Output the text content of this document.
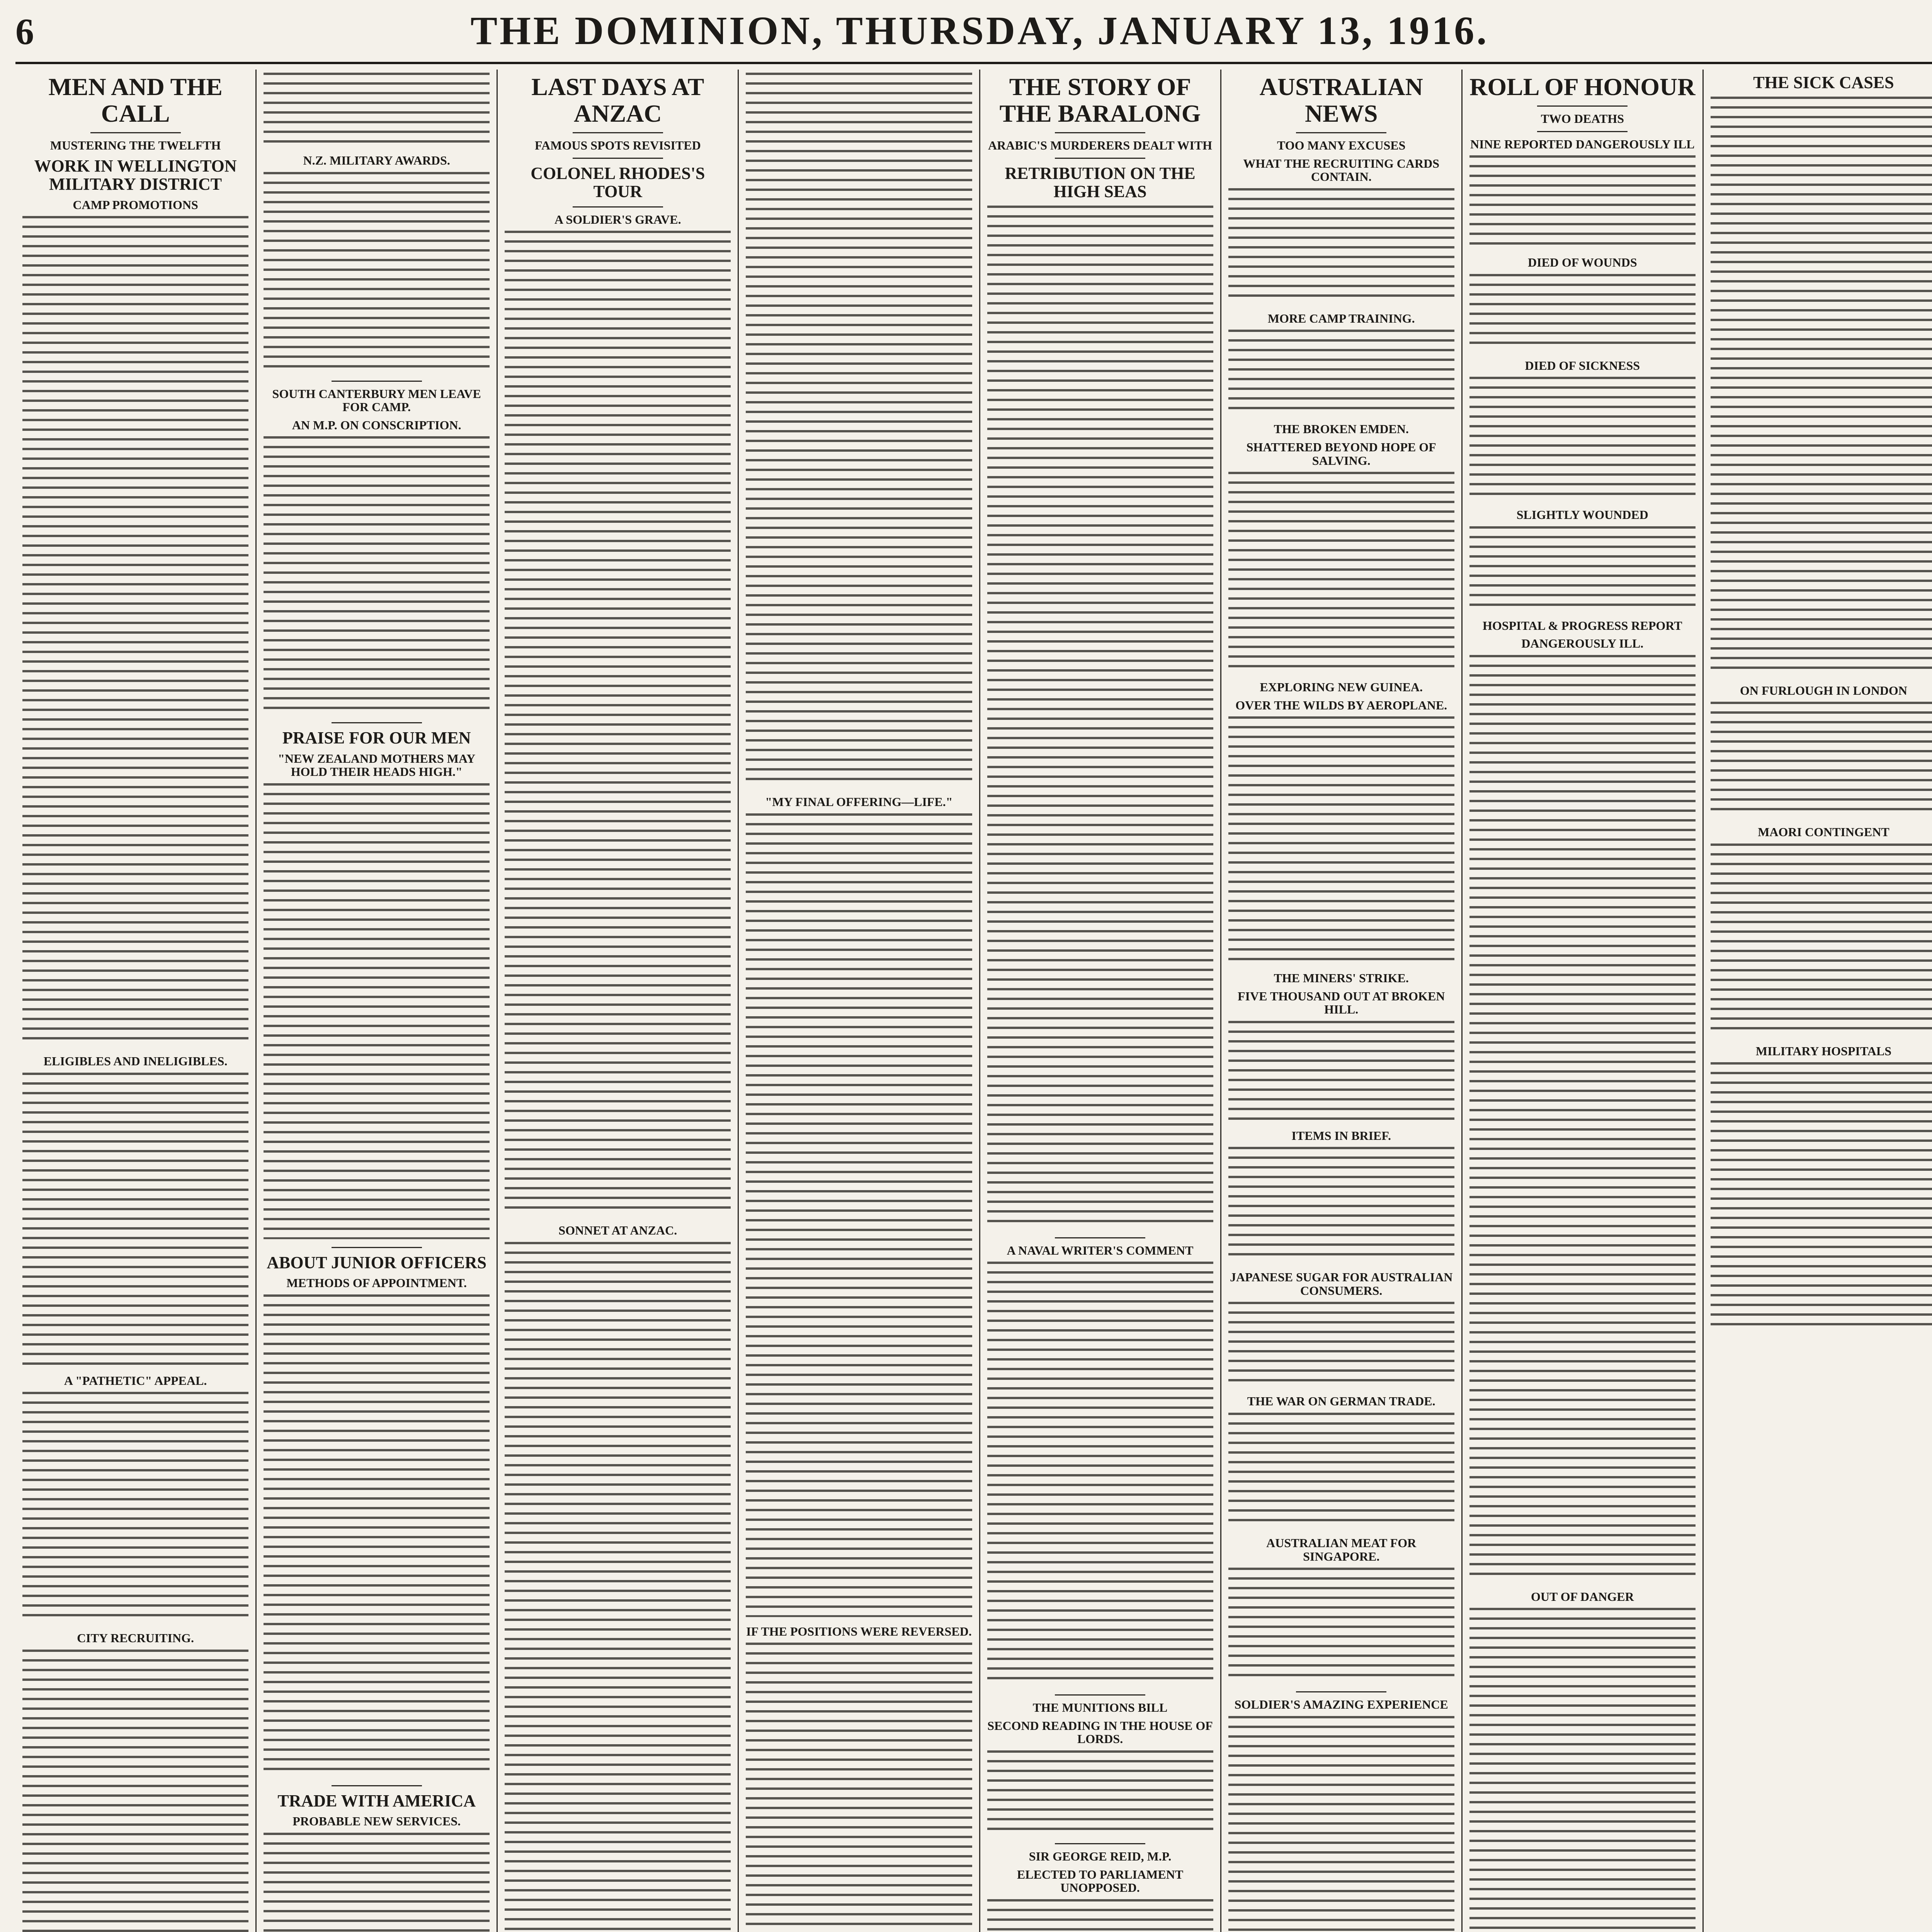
6	THE DOMINION, THURSDAY, JANUARY 13, 1916.
MEN AND THE CALL
MUSTERING THE TWELFTH
WORK IN WELLINGTON MILITARY DISTRICT
CAMP PROMOTIONS
ELIGIBLES AND INELIGIBLES.
A "PATHETIC" APPEAL.
CITY RECRUITING.
N.Z. MILITARY AWARDS.
SOUTH CANTERBURY MEN LEAVE FOR CAMP.
AN M.P. ON CONSCRIPTION.
PRAISE FOR OUR MEN
"NEW ZEALAND MOTHERS MAY HOLD THEIR HEADS HIGH."
ABOUT JUNIOR OFFICERS
METHODS OF APPOINTMENT.
TRADE WITH AMERICA
PROBABLE NEW SERVICES.
LAST DAYS AT ANZAC
FAMOUS SPOTS REVISITED
COLONEL RHODES'S TOUR
A SOLDIER'S GRAVE.
SONNET AT ANZAC.
"MY FINAL OFFERING—LIFE."
IF THE POSITIONS WERE REVERSED.
THE STORY OF THE BARALONG
ARABIC'S MURDERERS DEALT WITH
RETRIBUTION ON THE HIGH SEAS
A NAVAL WRITER'S COMMENT
THE MUNITIONS BILL
SECOND READING IN THE HOUSE OF LORDS.
SIR GEORGE REID, M.P.
ELECTED TO PARLIAMENT UNOPPOSED.
AUSTRALIAN NEWS
TOO MANY EXCUSES
WHAT THE RECRUITING CARDS CONTAIN.
MORE CAMP TRAINING.
THE BROKEN EMDEN.
SHATTERED BEYOND HOPE OF SALVING.
EXPLORING NEW GUINEA.
OVER THE WILDS BY AEROPLANE.
THE MINERS' STRIKE.
FIVE THOUSAND OUT AT BROKEN HILL.
ITEMS IN BRIEF.
JAPANESE SUGAR FOR AUSTRALIAN CONSUMERS.
THE WAR ON GERMAN TRADE.
AUSTRALIAN MEAT FOR SINGAPORE.
SOLDIER'S AMAZING EXPERIENCE
ROLL OF HONOUR
TWO DEATHS
NINE REPORTED DANGEROUSLY ILL
DIED OF WOUNDS
DIED OF SICKNESS
SLIGHTLY WOUNDED
HOSPITAL & PROGRESS REPORT
DANGEROUSLY ILL.
OUT OF DANGER
THE SICK CASES
ON FURLOUGH IN LONDON
MAORI CONTINGENT
MILITARY HOSPITALS
